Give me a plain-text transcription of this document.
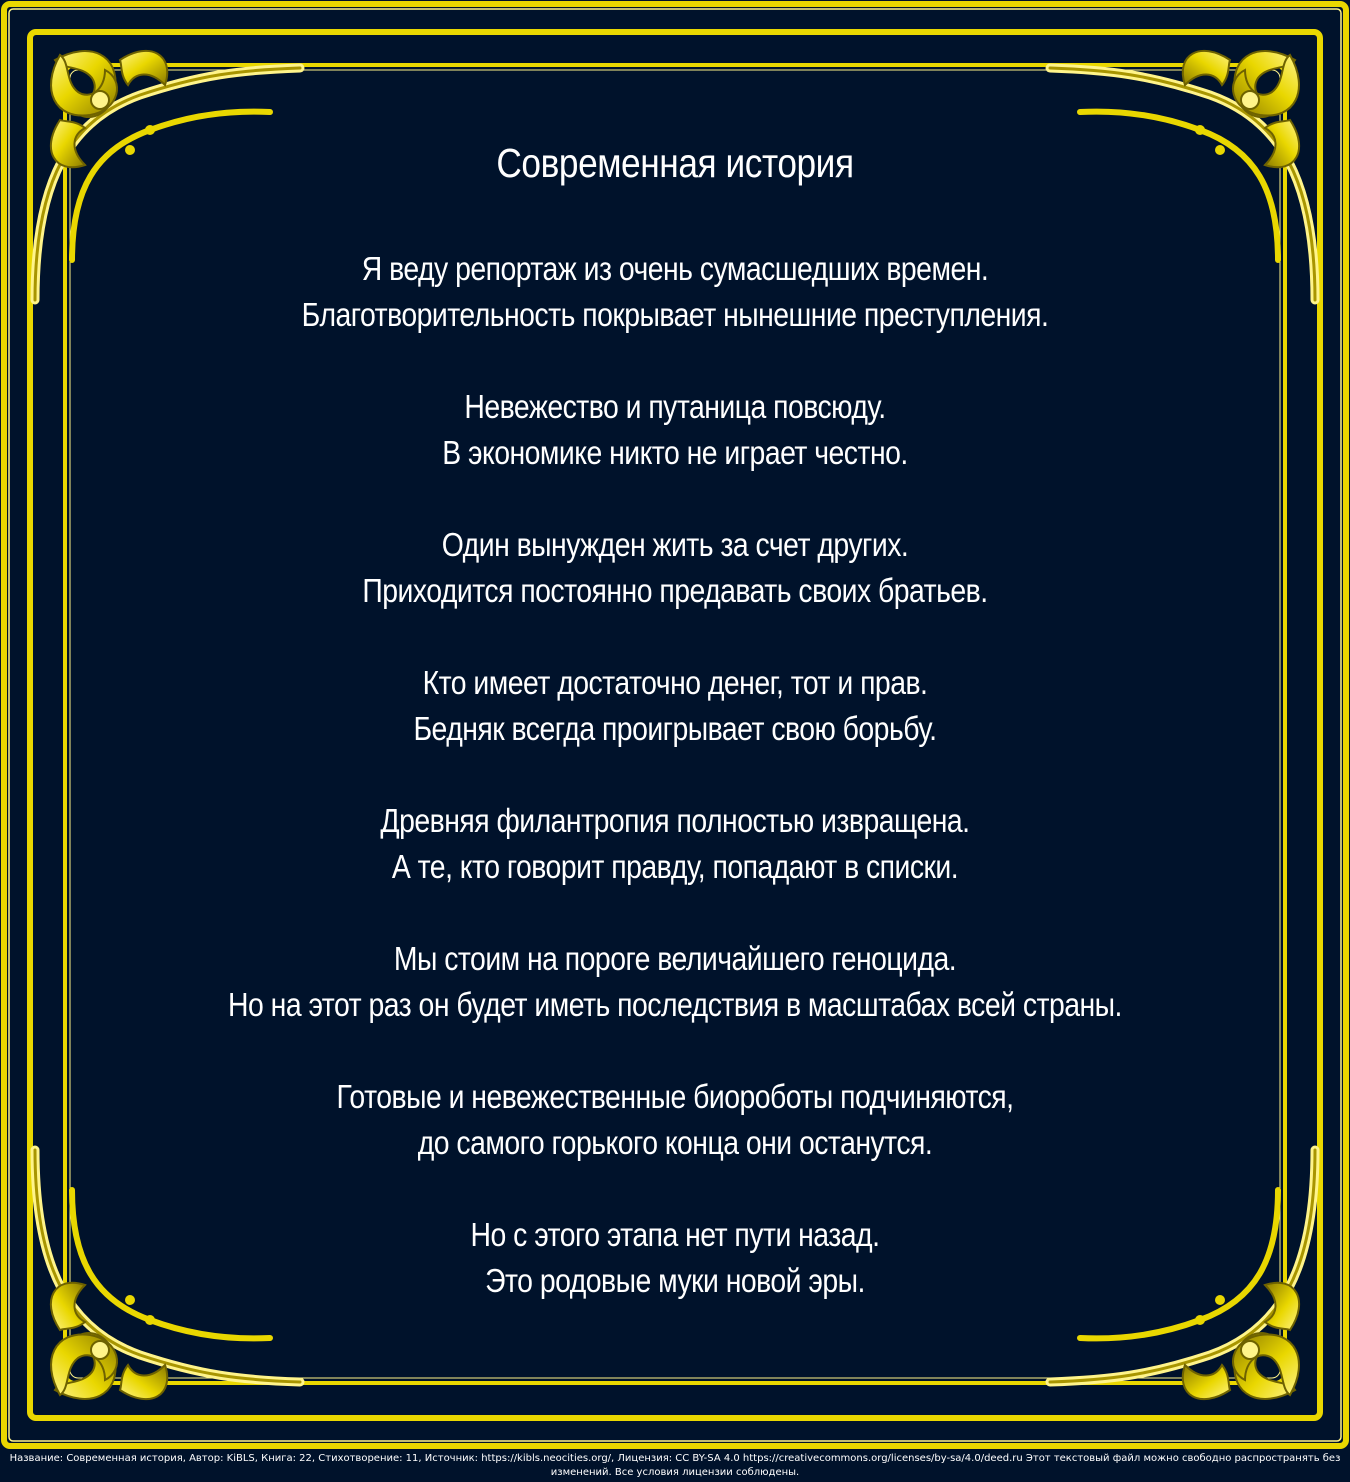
Современная история
Я веду репортаж из очень сумасшедших времен.
Благотворительность покрывает нынешние преступления.
Невежество и путаница повсюду.
В экономике никто не играет честно.
Один вынужден жить за счет других.
Приходится постоянно предавать своих братьев.
Кто имеет достаточно денег, тот и прав.
Бедняк всегда проигрывает свою борьбу.
Древняя филантропия полностью извращена.
А те, кто говорит правду, попадают в списки.
Мы стоим на пороге величайшего геноцида.
Но на этот раз он будет иметь последствия в масштабах всей страны.
Готовые и невежественные биороботы подчиняются,
до самого горького конца они останутся.
Но с этого этапа нет пути назад.
Это родовые муки новой эры.
Название: Современная история, Автор: KiBLS, Книга: 22, Стихотворение: 11, Источник: https://kibls.neocities.org/, Лицензия: CC BY-SA 4.0 https://creativecommons.org/licenses/by-sa/4.0/deed.ru Этот текстовый файл можно свободно распространять без изменений. Все условия лицензии соблюдены.
